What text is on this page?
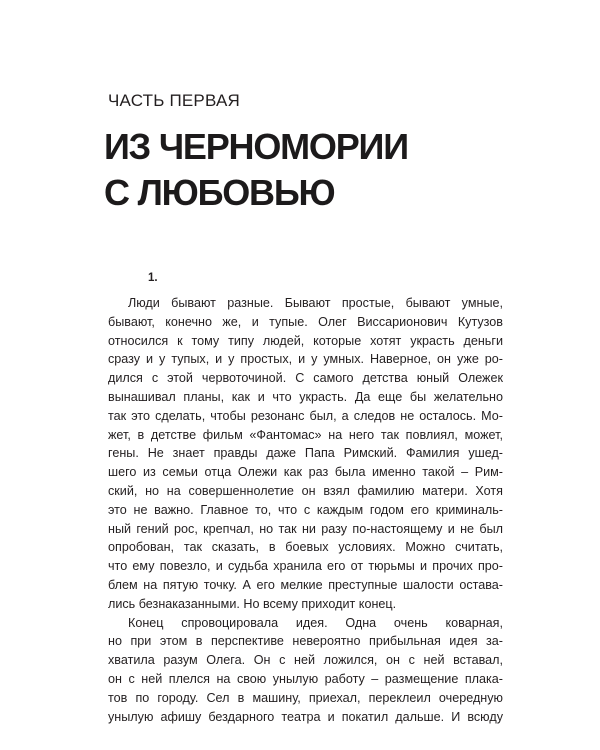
ЧАСТЬ ПЕРВАЯ
ИЗ ЧЕРНОМОРИИ
С ЛЮБОВЬЮ
1.
Люди бывают разные. Бывают простые, бывают умные,
бывают, конечно же, и тупые. Олег Виссарионович Кутузов
относился к тому типу людей, которые хотят украсть деньги
сразу и у тупых, и у простых, и у умных. Наверное, он уже ро-
дился с этой червоточиной. С самого детства юный Олежек
вынашивал планы, как и что украсть. Да еще бы желательно
так это сделать, чтобы резонанс был, а следов не осталось. Мо-
жет, в детстве фильм «Фантомас» на него так повлиял, может,
гены. Не знает правды даже Папа Римский. Фамилия ушед-
шего из семьи отца Олежи как раз была именно такой – Рим-
ский, но на совершеннолетие он взял фамилию матери. Хотя
это не важно. Главное то, что с каждым годом его криминаль-
ный гений рос, крепчал, но так ни разу по-настоящему и не был
опробован, так сказать, в боевых условиях. Можно считать,
что ему повезло, и судьба хранила его от тюрьмы и прочих про-
блем на пятую точку. А его мелкие преступные шалости остава-
лись безнаказанными. Но всему приходит конец.
Конец спровоцировала идея. Одна очень коварная,
но при этом в перспективе невероятно прибыльная идея за-
хватила разум Олега. Он с ней ложился, он с ней вставал,
он с ней плелся на свою унылую работу – размещение плака-
тов по городу. Сел в машину, приехал, переклеил очередную
унылую афишу бездарного театра и покатил дальше. И всюду
